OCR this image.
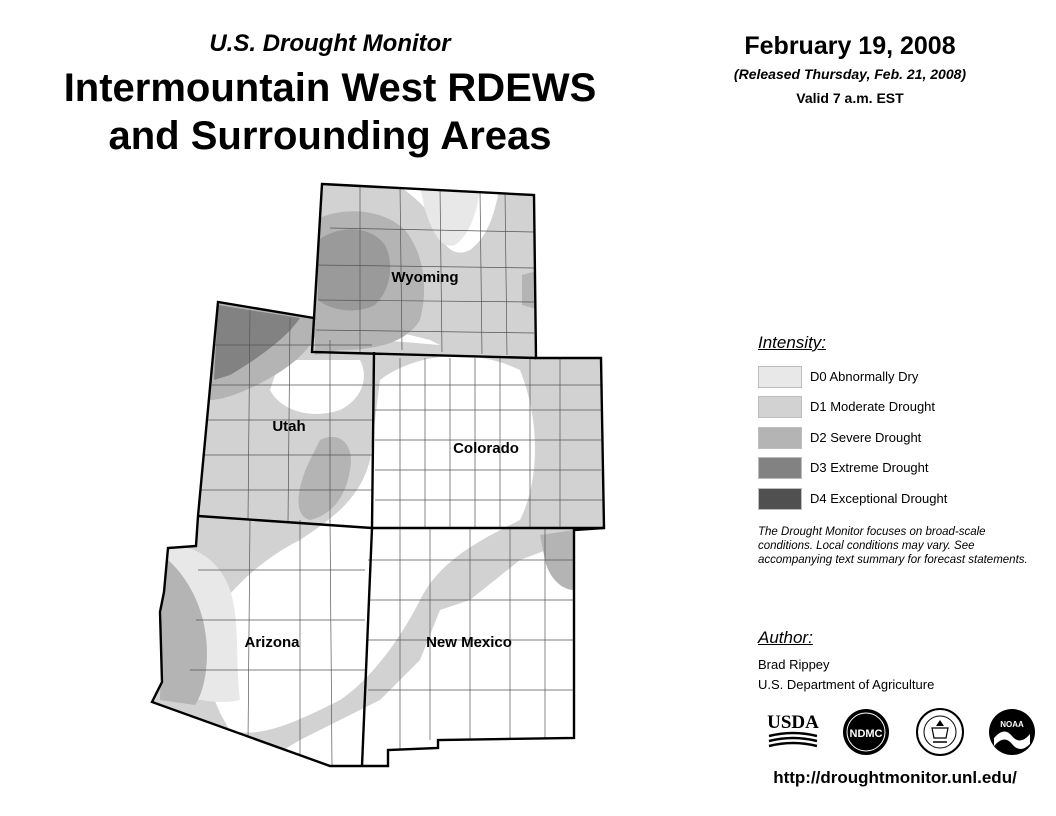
U.S. Drought Monitor
Intermountain West RDEWS
and Surrounding Areas
February 19, 2008
(Released Thursday, Feb. 21, 2008)
Valid 7 a.m. EST
Wyoming
Utah
Colorado
Arizona	New Mexico
Intensity:
D0 Abnormally Dry
D1 Moderate Drought
D2 Severe Drought
D3 Extreme Drought
D4 Exceptional Drought
The Drought Monitor focuses on broad-scale conditions. Local conditions may vary. See accompanying text summary for forecast statements.
Author:
Brad Rippey
U.S. Department of Agriculture
USDA
NDMC
NOAA
http://droughtmonitor.unl.edu/
